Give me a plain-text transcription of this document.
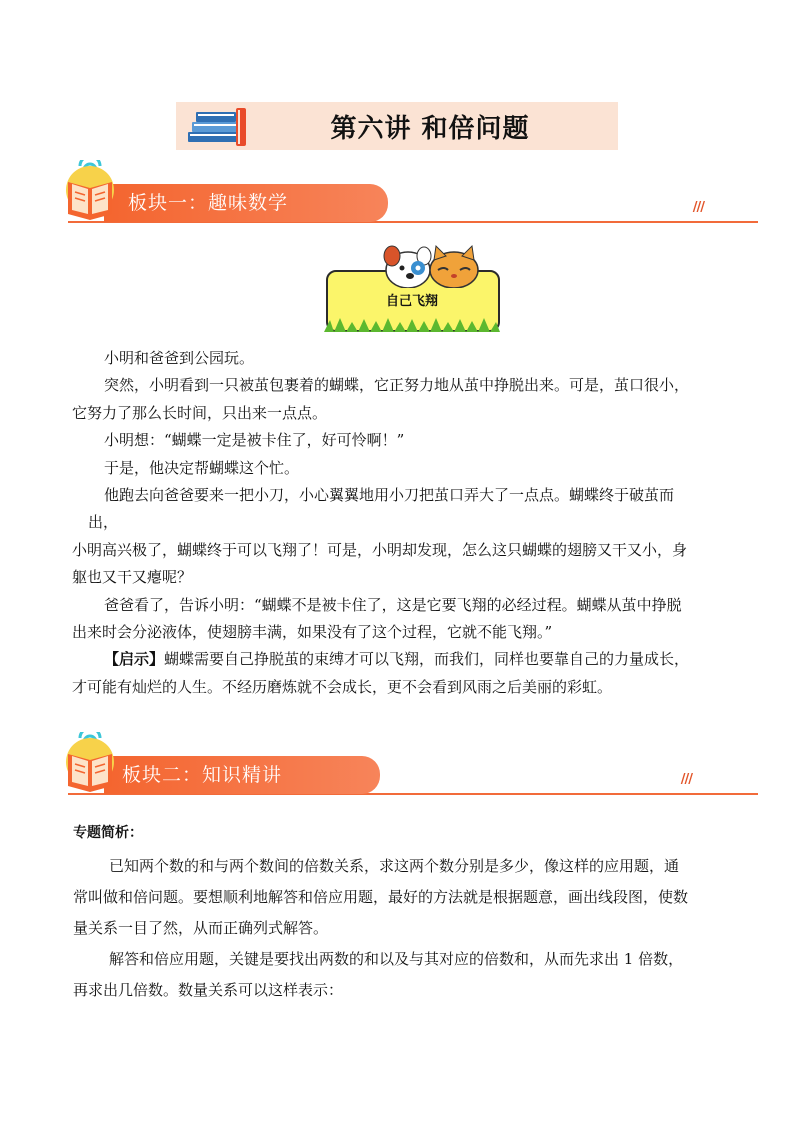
第六讲 和倍问题
板块一：趣味数学	///
自己飞翔

小明和爸爸到公园玩。

突然，小明看到一只被茧包裹着的蝴蝶，它正努力地从茧中挣脱出来。可是，茧口很小，

它努力了那么长时间，只出来一点点。

小明想：“蝴蝶一定是被卡住了，好可怜啊！”

于是，他决定帮蝴蝶这个忙。

他跑去向爸爸要来一把小刀，小心翼翼地用小刀把茧口弄大了一点点。蝴蝶终于破茧而出，

小明高兴极了，蝴蝶终于可以飞翔了！可是，小明却发现，怎么这只蝴蝶的翅膀又干又小，身

躯也又干又瘪呢？

爸爸看了，告诉小明：“蝴蝶不是被卡住了，这是它要飞翔的必经过程。蝴蝶从茧中挣脱

出来时会分泌液体，使翅膀丰满，如果没有了这个过程，它就不能飞翔。”

【启示】蝴蝶需要自己挣脱茧的束缚才可以飞翔，而我们，同样也要靠自己的力量成长，

才可能有灿烂的人生。不经历磨炼就不会成长，更不会看到风雨之后美丽的彩虹。

板块二：知识精讲	///
专题简析：

已知两个数的和与两个数间的倍数关系，求这两个数分别是多少，像这样的应用题，通

常叫做和倍问题。要想顺利地解答和倍应用题，最好的方法就是根据题意，画出线段图，使数

量关系一目了然，从而正确列式解答。

解答和倍应用题，关键是要找出两数的和以及与其对应的倍数和，从而先求出 1 倍数，

再求出几倍数。数量关系可以这样表示：
